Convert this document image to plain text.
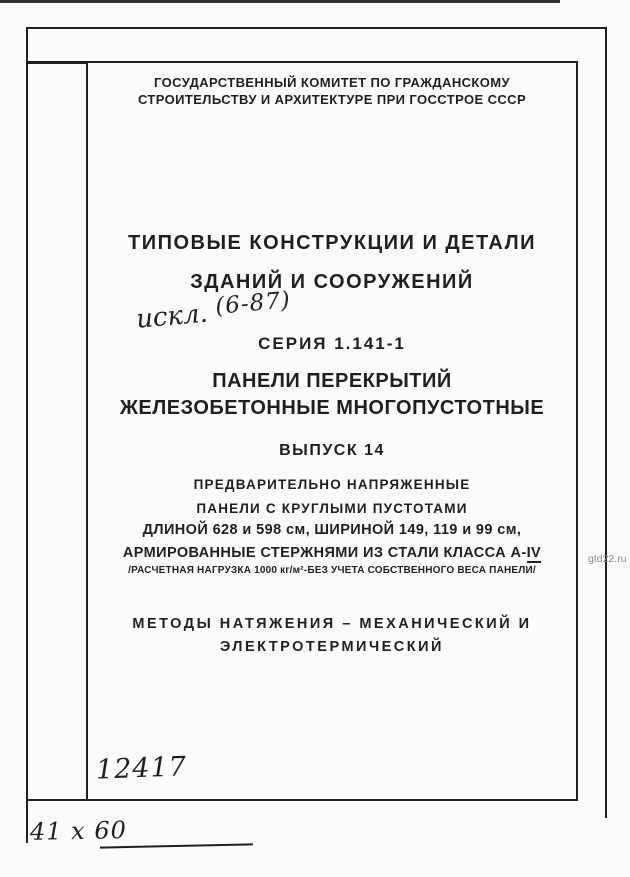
ГОСУДАРСТВЕННЫЙ КОМИТЕТ ПО ГРАЖДАНСКОМУ
СТРОИТЕЛЬСТВУ И АРХИТЕКТУРЕ ПРИ ГОССТРОЕ СССР
ТИПОВЫЕ КОНСТРУКЦИИ И ДЕТАЛИ
ЗДАНИЙ И СООРУЖЕНИЙ
искл. (6-87)
СЕРИЯ 1.141-1
ПАНЕЛИ ПЕРЕКРЫТИЙ
ЖЕЛЕЗОБЕТОННЫЕ МНОГОПУСТОТНЫЕ
ВЫПУСК 14
ПРЕДВАРИТЕЛЬНО НАПРЯЖЕННЫЕ
ПАНЕЛИ С КРУГЛЫМИ ПУСТОТАМИ
ДЛИНОЙ 628 и 598 см, ШИРИНОЙ 149, 119 и 99 см,
АРМИРОВАННЫЕ СТЕРЖНЯМИ ИЗ СТАЛИ КЛАССА А-IV
/РАСЧЕТНАЯ НАГРУЗКА 1000 кг/м²-БЕЗ УЧЕТА СОБСТВЕННОГО ВЕСА ПАНЕЛИ/
МЕТОДЫ НАТЯЖЕНИЯ – МЕХАНИЧЕСКИЙ И
ЭЛЕКТРОТЕРМИЧЕСКИЙ
12417
41 х 60
gtd22.ru
